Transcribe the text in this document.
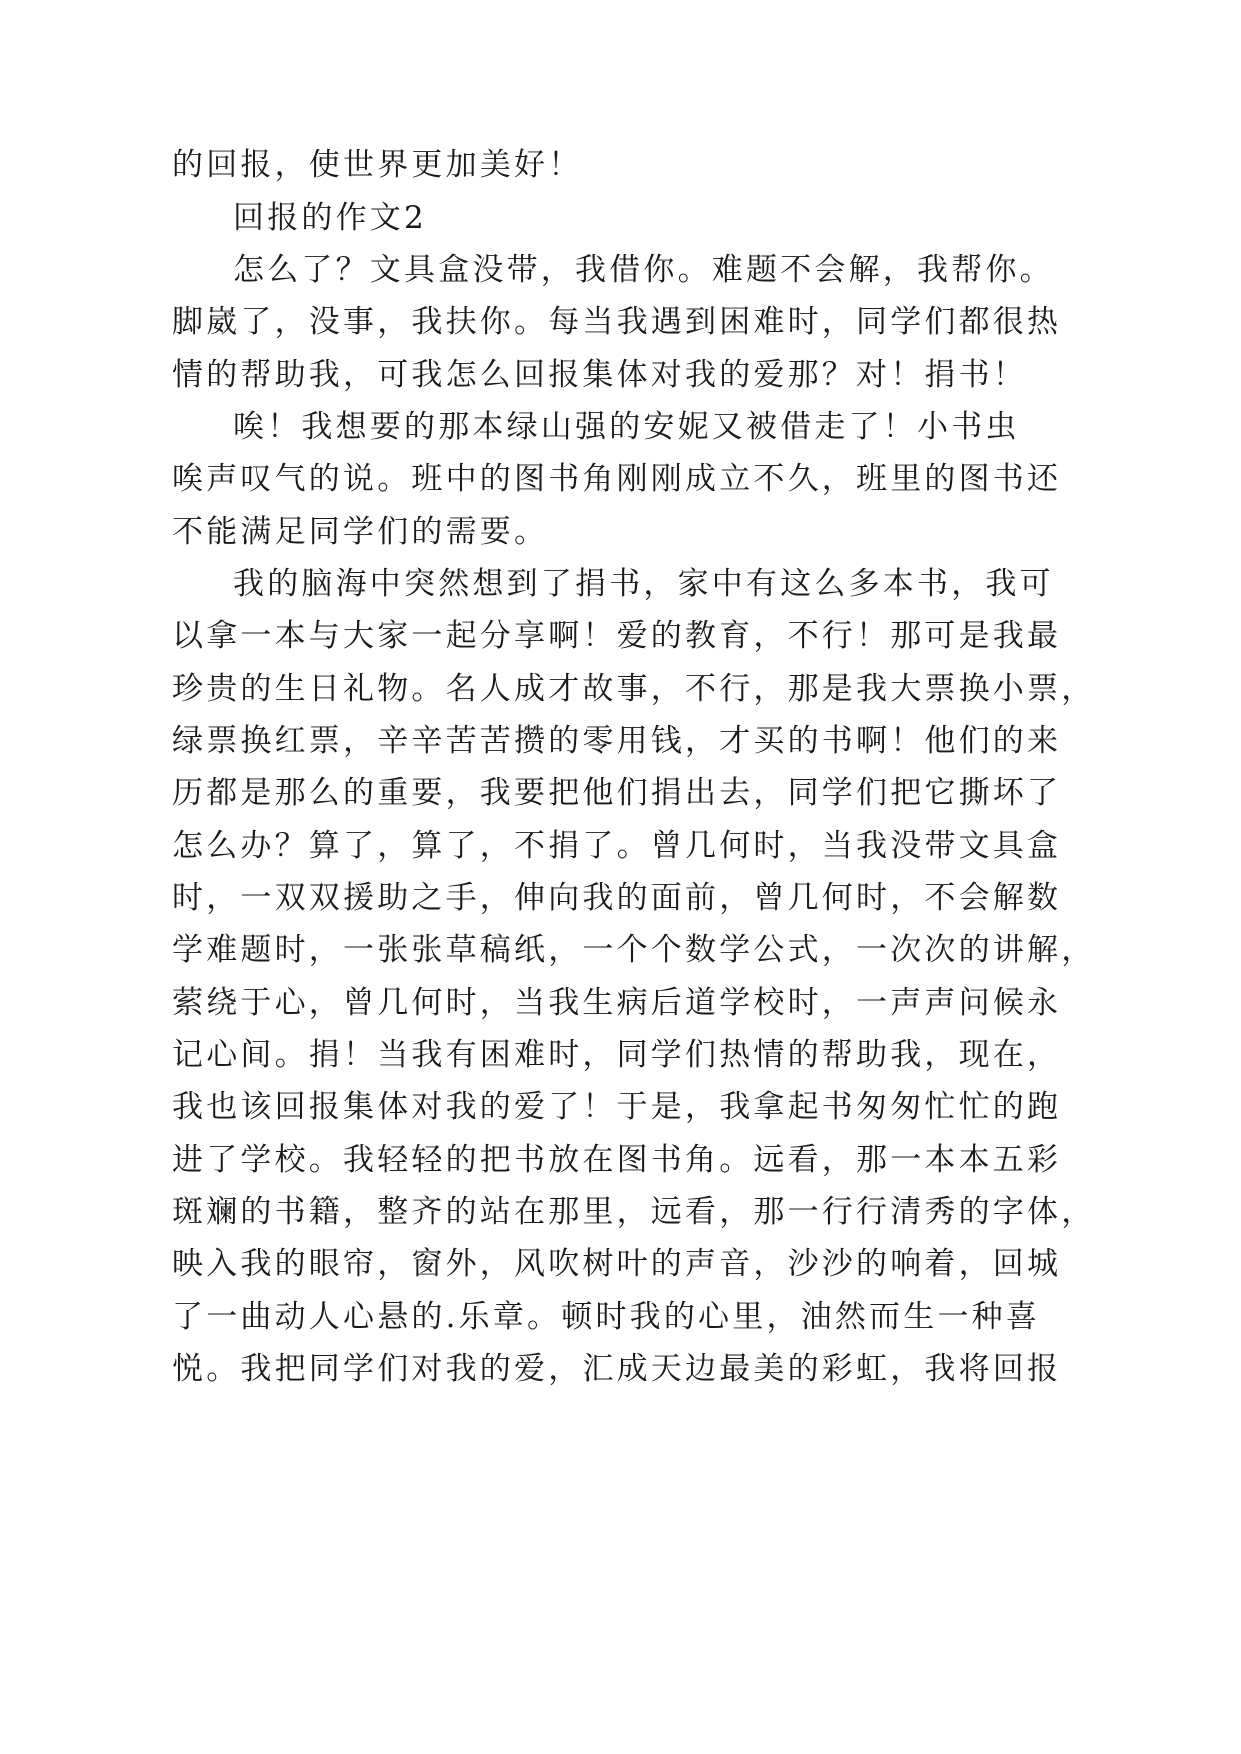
的回报，使世界更加美好！
回报的作文2
怎么了？文具盒没带，我借你。难题不会解，我帮你。
脚崴了，没事，我扶你。每当我遇到困难时，同学们都很热
情的帮助我，可我怎么回报集体对我的爱那？对！捐书！
唉！我想要的那本绿山强的安妮又被借走了！小书虫
唉声叹气的说。班中的图书角刚刚成立不久，班里的图书还
不能满足同学们的需要。
我的脑海中突然想到了捐书，家中有这么多本书，我可
以拿一本与大家一起分享啊！爱的教育，不行！那可是我最
珍贵的生日礼物。名人成才故事，不行，那是我大票换小票，
绿票换红票，辛辛苦苦攒的零用钱，才买的书啊！他们的来
历都是那么的重要，我要把他们捐出去，同学们把它撕坏了
怎么办？算了，算了，不捐了。曾几何时，当我没带文具盒
时，一双双援助之手，伸向我的面前，曾几何时，不会解数
学难题时，一张张草稿纸，一个个数学公式，一次次的讲解，
萦绕于心，曾几何时，当我生病后道学校时，一声声问候永
记心间。捐！当我有困难时，同学们热情的帮助我，现在，
我也该回报集体对我的爱了！于是，我拿起书匆匆忙忙的跑
进了学校。我轻轻的把书放在图书角。远看，那一本本五彩
斑斓的书籍，整齐的站在那里，远看，那一行行清秀的字体，
映入我的眼帘，窗外，风吹树叶的声音，沙沙的响着，回城
了一曲动人心悬的.乐章。顿时我的心里，油然而生一种喜
悦。我把同学们对我的爱，汇成天边最美的彩虹，我将回报
